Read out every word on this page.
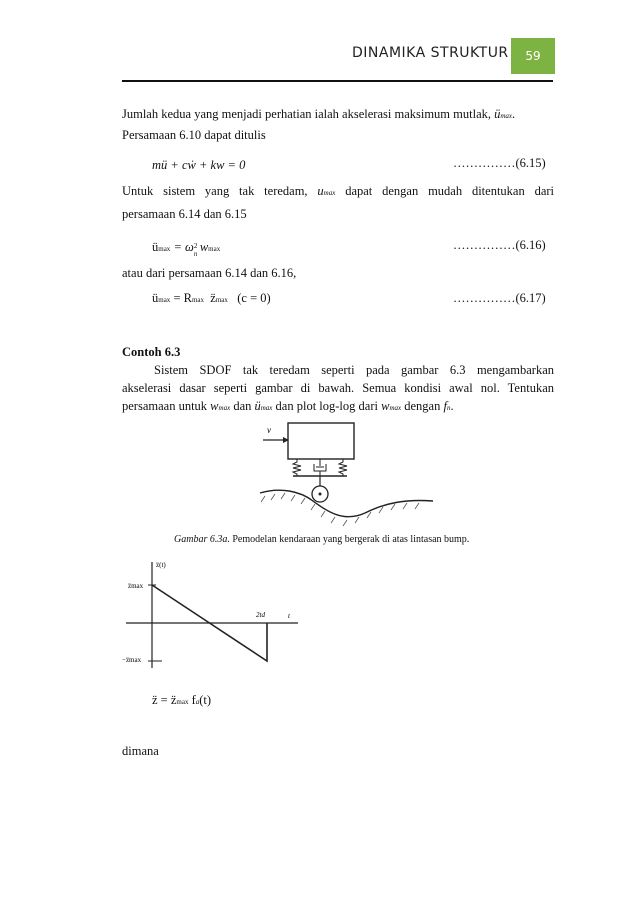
DINAMIKA STRUKTUR	59
Jumlah kedua yang menjadi perhatian ialah akselerasi maksimum mutlak, ümax.
Persamaan 6.10 dapat ditulis
mü + cẇ + kw = 0	……………(6.15)
Untuk sistem yang tak teredam, umax dapat dengan mudah ditentukan dari
persamaan 6.14 dan 6.15
ümax = ω 2
n wmax	……………(6.16)
atau dari persamaan 6.14 dan 6.16,
ümax = Rmax z̈max (c = 0)	……………(6.17)
Contoh 6.3
Sistem SDOF tak teredam seperti pada gambar 6.3 mengambarkan
akselerasi dasar seperti gambar di bawah. Semua kondisi awal nol. Tentukan
persamaan untuk wmax dan ümax dan plot log-log dari wmax dengan fn.
v
Gambar 6.3a. Pemodelan kendaraan yang bergerak di atas lintasan bump.
z̈(t)
t
z̈max
−z̈max
2td
z̈ = z̈max fa(t)
dimana
